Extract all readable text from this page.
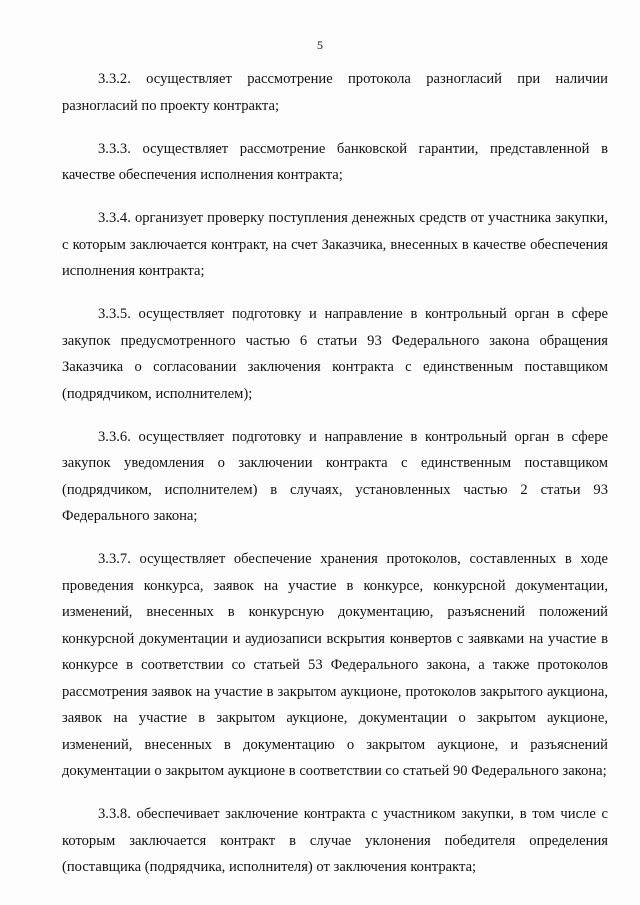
5

3.3.2. осуществляет рассмотрение протокола разногласий при наличии разногласий по проекту контракта;

3.3.3. осуществляет рассмотрение банковской гарантии, представленной в качестве обеспечения исполнения контракта;

3.3.4. организует проверку поступления денежных средств от участника закупки, с которым заключается контракт, на счет Заказчика, внесенных в качестве обеспечения исполнения контракта;

3.3.5. осуществляет подготовку и направление в контрольный орган в сфере закупок предусмотренного частью 6 статьи 93 Федерального закона обращения Заказчика о согласовании заключения контракта с единственным поставщиком (подрядчиком, исполнителем);

3.3.6. осуществляет подготовку и направление в контрольный орган в сфере закупок уведомления о заключении контракта с единственным поставщиком (подрядчиком, исполнителем) в случаях, установленных частью 2 статьи 93 Федерального закона;

3.3.7. осуществляет обеспечение хранения протоколов, составленных в ходе проведения конкурса, заявок на участие в конкурсе, конкурсной документации, изменений, внесенных в конкурсную документацию, разъяснений положений конкурсной документации и аудиозаписи вскрытия конвертов с заявками на участие в конкурсе в соответствии со статьей 53 Федерального закона, а также протоколов рассмотрения заявок на участие в закрытом аукционе, протоколов закрытого аукциона, заявок на участие в закрытом аукционе, документации о закрытом аукционе, изменений, внесенных в документацию о закрытом аукционе, и разъяснений документации о закрытом аукционе в соответствии со статьей 90 Федерального закона;

3.3.8. обеспечивает заключение контракта с участником закупки, в том числе с которым заключается контракт в случае уклонения победителя определения (поставщика (подрядчика, исполнителя) от заключения контракта;
